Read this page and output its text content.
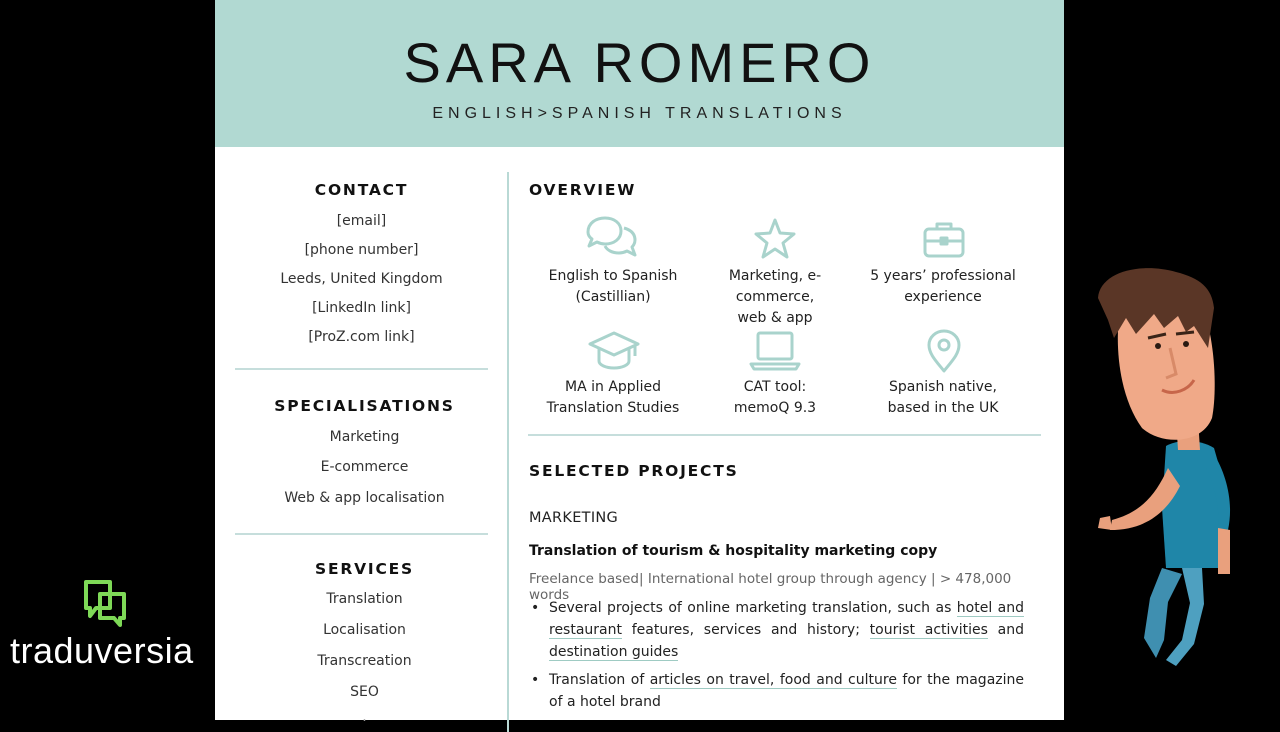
SARA ROMERO
ENGLISH>SPANISH TRANSLATIONS
CONTACT
[email]
[phone number]
Leeds, United Kingdom
[LinkedIn link]
[ProZ.com link]
SPECIALISATIONS
Marketing
E-commerce
Web & app localisation
SERVICES
Translation
Localisation
Transcreation
SEO
·
OVERVIEW
English to Spanish
(Castillian)
Marketing, e-commerce,
web & app
5 years’ professional
experience
MA in Applied
Translation Studies
CAT tool:
memoQ 9.3
Spanish native,
based in the UK
SELECTED PROJECTS
MARKETING
Translation of tourism & hospitality marketing copy
Freelance based| International hotel group through agency | > 478,000 words
• Several projects of online marketing translation, such as hotel and restaurant features, services and history; tourist activities and destination guides
• Translation of articles on travel, food and culture for the magazine of a hotel brand
traduversia
